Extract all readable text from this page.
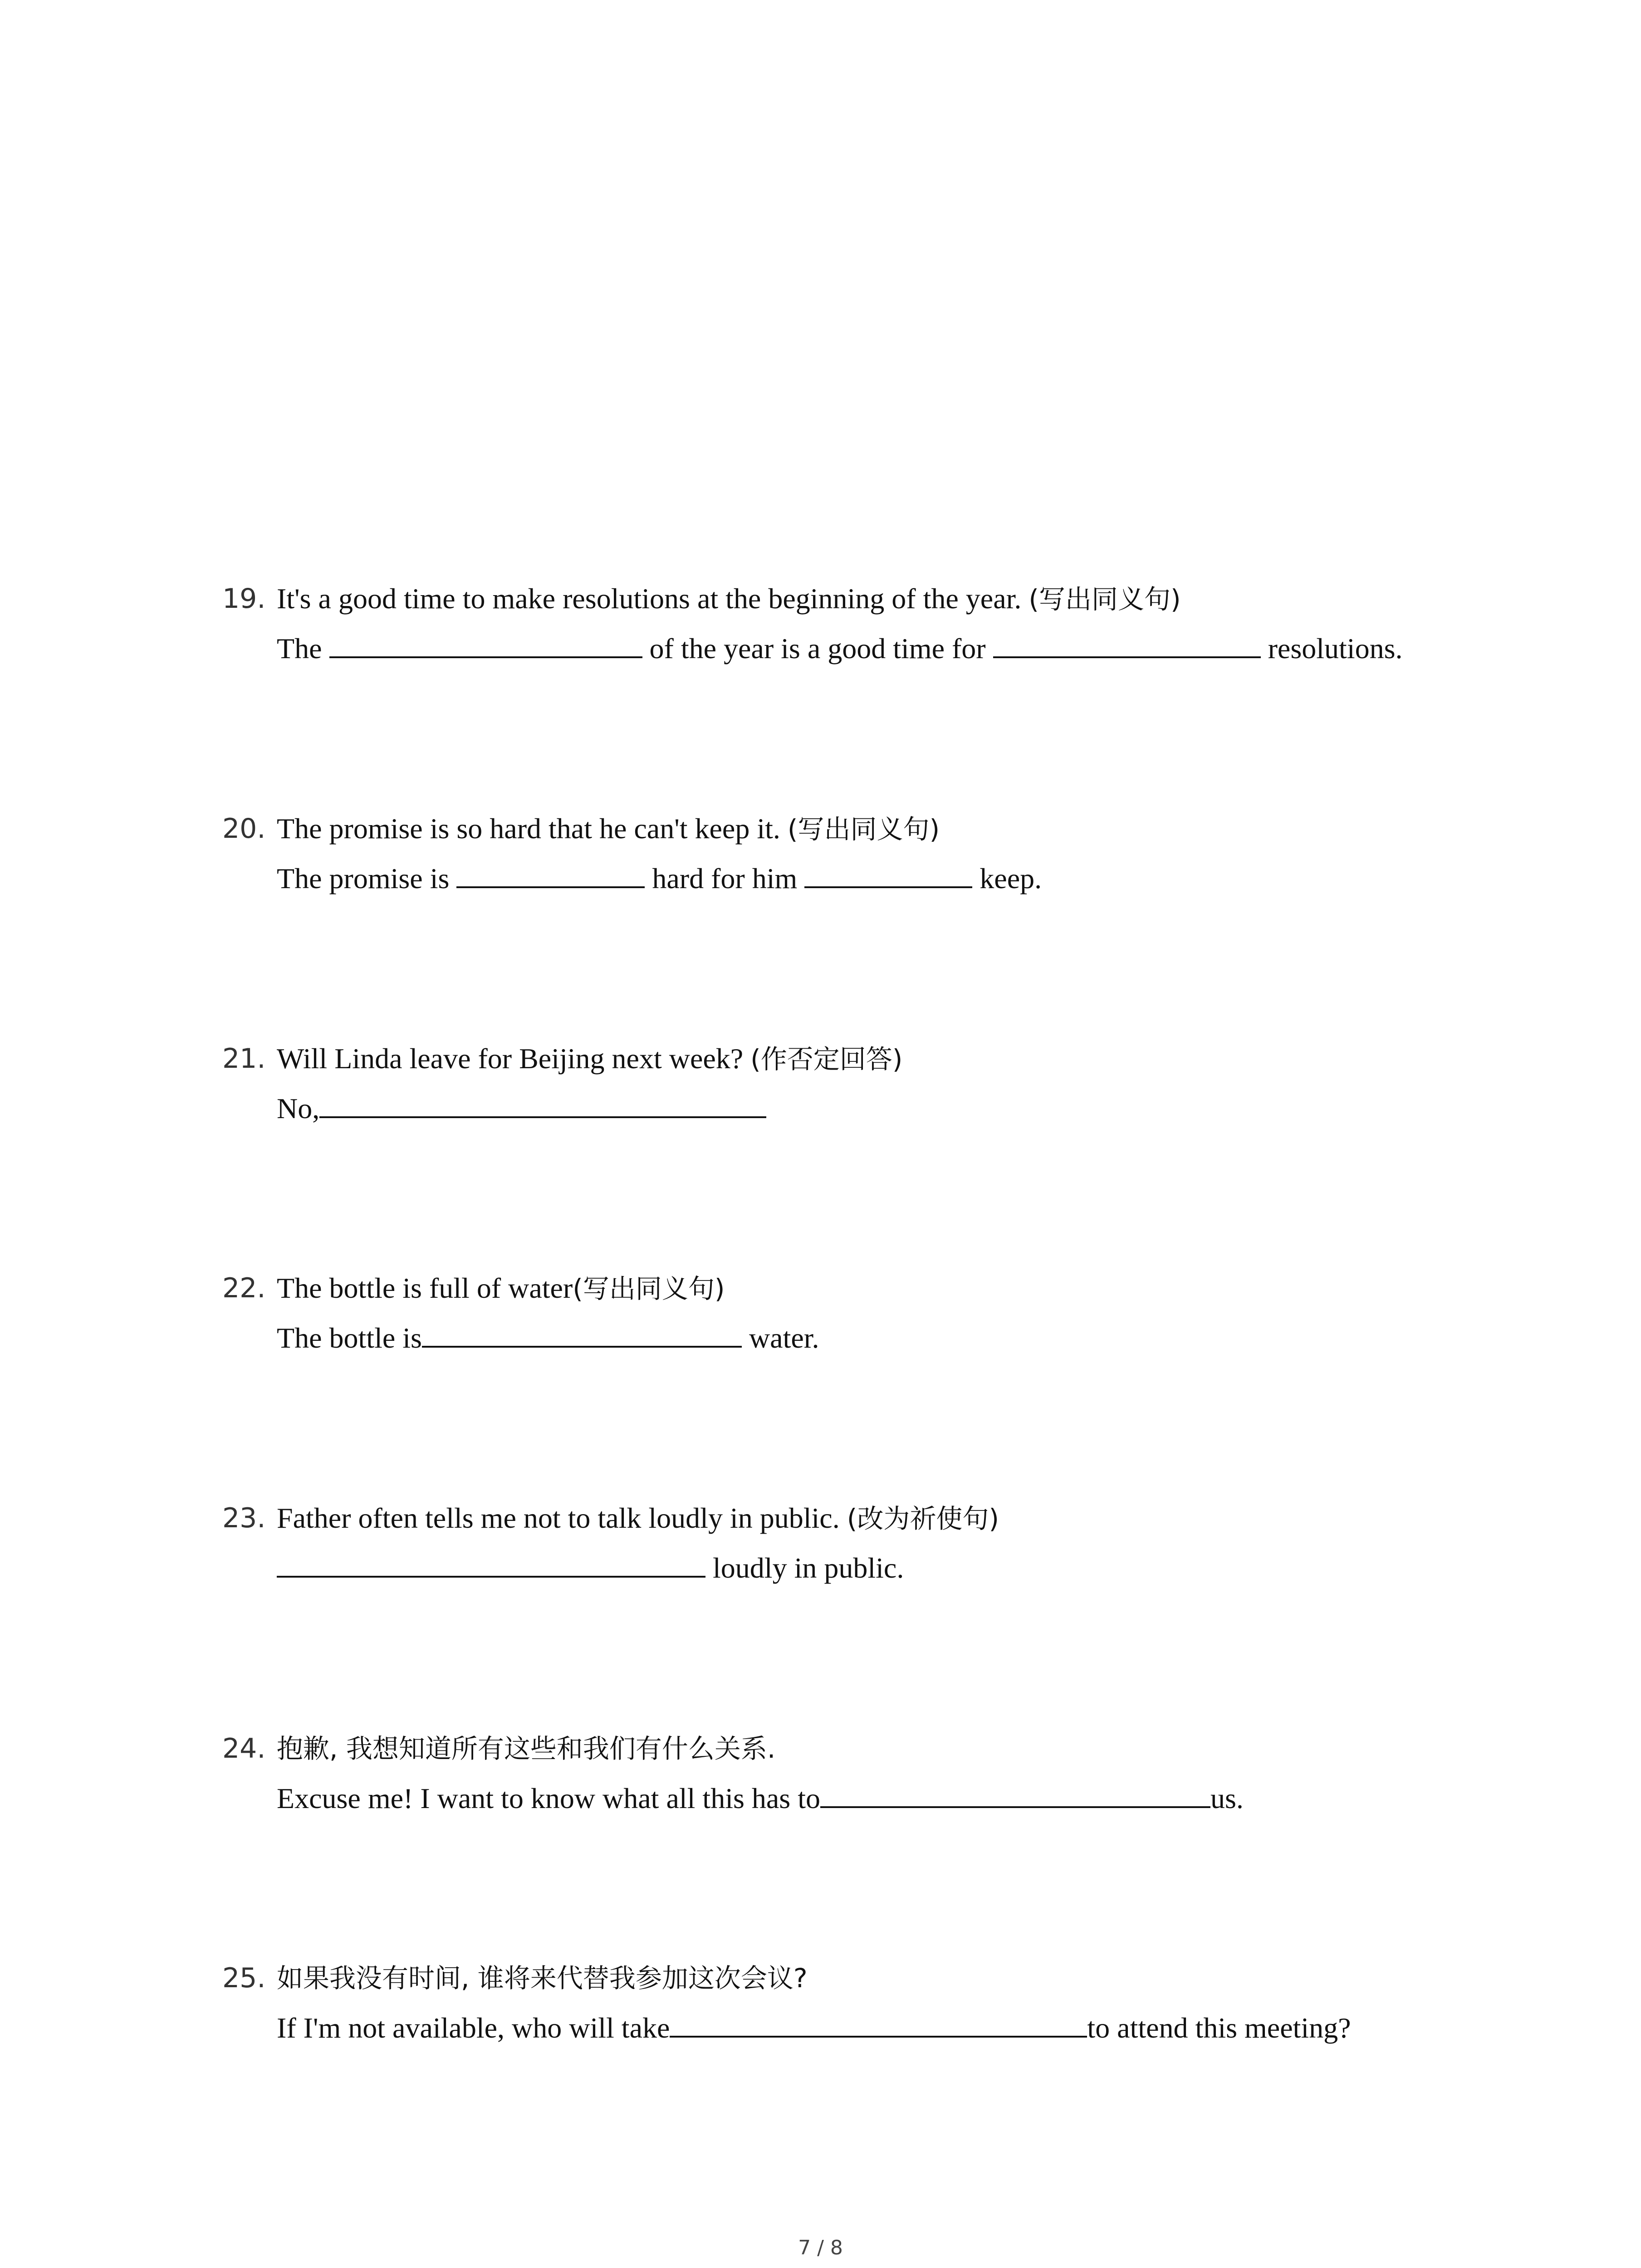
19. It's a good time to make resolutions at the beginning of the year. (写出同义句)
The	of the year is a good time for	resolutions.
20. The promise is so hard that he can't keep it. (写出同义句)
The promise is	hard for him	keep.
21. Will Linda leave for Beijing next week? (作否定回答)
No,
22. The bottle is full of water(写出同义句)
The bottle is	water.
23. Father often tells me not to talk loudly in public. (改为祈使句)
loudly in public.
24. 抱歉, 我想知道所有这些和我们有什么关系.
Excuse me! I want to know what all this has to	us.
25. 如果我没有时间, 谁将来代替我参加这次会议?
If I'm not available, who will take	to attend this meeting?
7 / 8
